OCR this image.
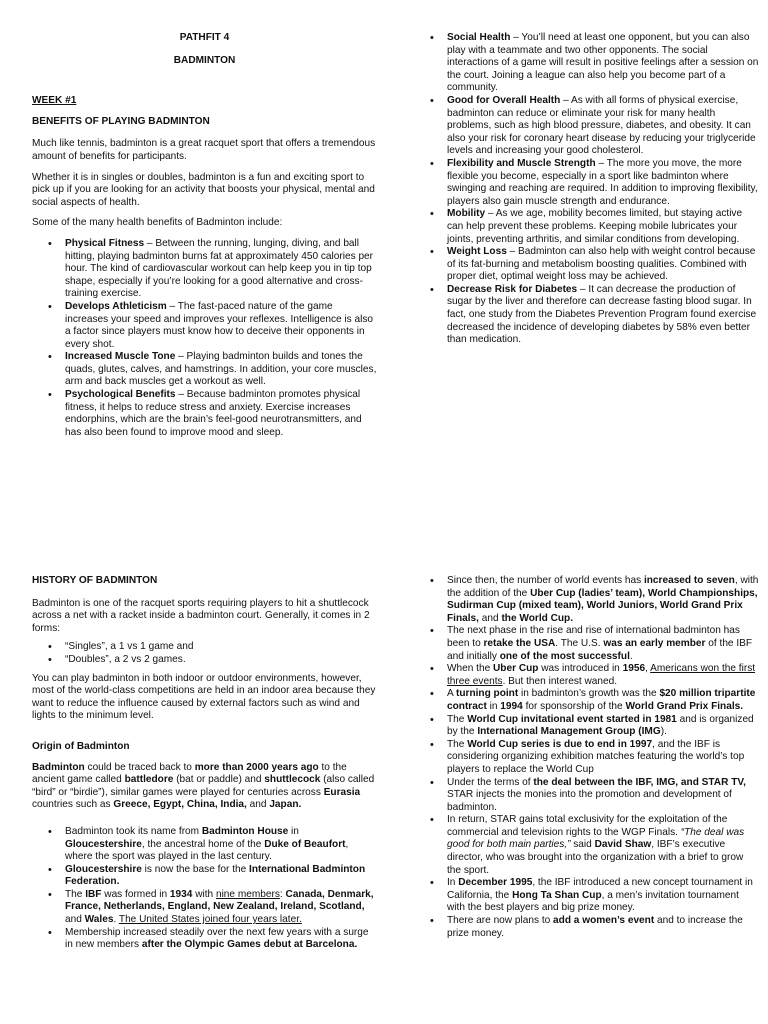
PATHFIT 4

BADMINTON

WEEK #1

BENEFITS OF PLAYING BADMINTON

Much like tennis, badminton is a great racquet sport that offers a tremendous amount of benefits for participants.

Whether it is in singles or doubles, badminton is a fun and exciting sport to pick up if you are looking for an activity that boosts your physical, mental and social aspects of health.

Some of the many health benefits of Badminton include:

• Physical Fitness – Between the running, lunging, diving, and ball hitting, playing badminton burns fat at approximately 450 calories per hour. The kind of cardiovascular workout can help keep you in tip top shape, especially if you’re looking for a good alternative and cross-training exercise.
• Develops Athleticism – The fast-paced nature of the game increases your speed and improves your reflexes. Intelligence is also a factor since players must know how to deceive their opponents in every shot.
• Increased Muscle Tone – Playing badminton builds and tones the quads, glutes, calves, and hamstrings. In addition, your core muscles, arm and back muscles get a workout as well.
• Psychological Benefits – Because badminton promotes physical fitness, it helps to reduce stress and anxiety. Exercise increases endorphins, which are the brain’s feel-good neurotransmitters, and has also been found to improve mood and sleep.
• Social Health – You’ll need at least one opponent, but you can also play with a teammate and two other opponents. The social interactions of a game will result in positive feelings after a session on the court. Joining a league can also help you become part of a community.
• Good for Overall Health – As with all forms of physical exercise, badminton can reduce or eliminate your risk for many health problems, such as high blood pressure, diabetes, and obesity. It can also your risk for coronary heart disease by reducing your triglyceride levels and increasing your good cholesterol.
• Flexibility and Muscle Strength – The more you move, the more flexible you become, especially in a sport like badminton where swinging and reaching are required. In addition to improving flexibility, players also gain muscle strength and endurance.
• Mobility – As we age, mobility becomes limited, but staying active can help prevent these problems. Keeping mobile lubricates your joints, preventing arthritis, and similar conditions from developing.
• Weight Loss – Badminton can also help with weight control because of its fat-burning and metabolism boosting qualities. Combined with proper diet, optimal weight loss may be achieved.
• Decrease Risk for Diabetes – It can decrease the production of sugar by the liver and therefore can decrease fasting blood sugar. In fact, one study from the Diabetes Prevention Program found exercise decreased the incidence of developing diabetes by 58% even better than medication.

HISTORY OF BADMINTON

Badminton is one of the racquet sports requiring players to hit a shuttlecock across a net with a racket inside a badminton court. Generally, it comes in 2 forms:

• “Singles”, a 1 vs 1 game and
• “Doubles”, a 2 vs 2 games.

You can play badminton in both indoor or outdoor environments, however, most of the world-class competitions are held in an indoor area because they want to reduce the influence caused by external factors such as wind and lights to the minimum level.

Origin of Badminton

Badminton could be traced back to more than 2000 years ago to the ancient game called battledore (bat or paddle) and shuttlecock (also called “bird” or “birdie”), similar games were played for centuries across Eurasia countries such as Greece, Egypt, China, India, and Japan.

• Badminton took its name from Badminton House in Gloucestershire, the ancestral home of the Duke of Beaufort, where the sport was played in the last century.
• Gloucestershire is now the base for the International Badminton Federation.
• The IBF was formed in 1934 with nine members: Canada, Denmark, France, Netherlands, England, New Zealand, Ireland, Scotland, and Wales. The United States joined four years later.
• Membership increased steadily over the next few years with a surge in new members after the Olympic Games debut at Barcelona.
• Since then, the number of world events has increased to seven, with the addition of the Uber Cup (ladies’ team), World Championships, Sudirman Cup (mixed team), World Juniors, World Grand Prix Finals, and the World Cup.
• The next phase in the rise and rise of international badminton has been to retake the USA. The U.S. was an early member of the IBF and initially one of the most successful.
• When the Uber Cup was introduced in 1956, Americans won the first three events. But then interest waned.
• A turning point in badminton’s growth was the $20 million tripartite contract in 1994 for sponsorship of the World Grand Prix Finals.
• The World Cup invitational event started in 1981 and is organized by the International Management Group (IMG).
• The World Cup series is due to end in 1997, and the IBF is considering organizing exhibition matches featuring the world’s top players to replace the World Cup
• Under the terms of the deal between the IBF, IMG, and STAR TV, STAR injects the monies into the promotion and development of badminton.
• In return, STAR gains total exclusivity for the exploitation of the commercial and television rights to the WGP Finals. “The deal was good for both main parties,” said David Shaw, IBF’s executive director, who was brought into the organization with a brief to grow the sport.
• In December 1995, the IBF introduced a new concept tournament in California, the Hong Ta Shan Cup, a men’s invitation tournament with the best players and big prize money.
• There are now plans to add a women’s event and to increase the prize money.
